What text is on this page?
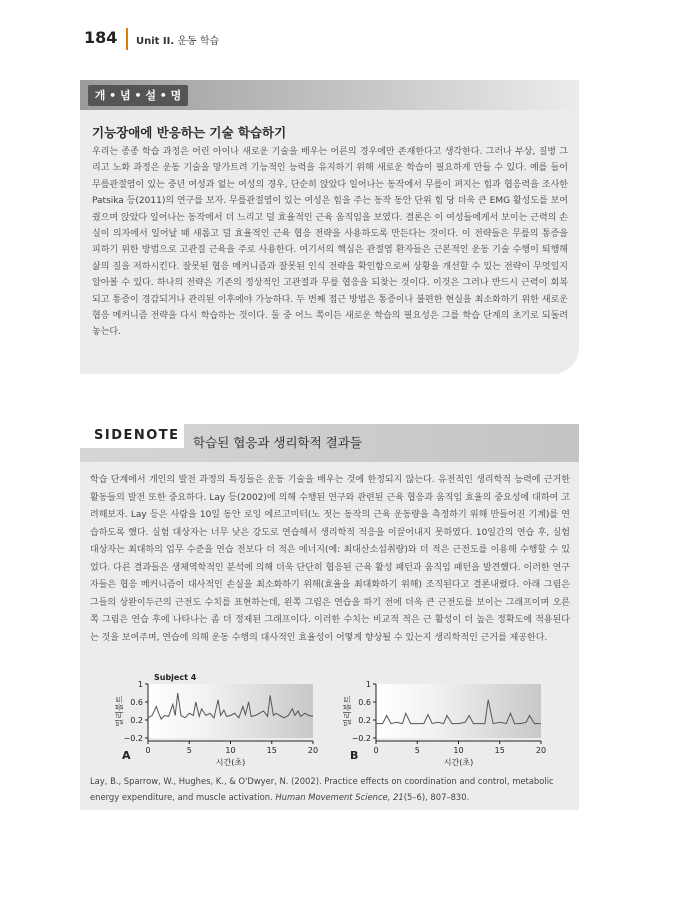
184 Unit II. 운동 학습
개 • 념 • 설 • 명
기능장애에 반응하는 기술 학습하기
우리는 종종 학습 과정은 어린 아이나 새로운 기술을 배우는 어른의 경우에만 존재한다고 생각한다. 그러나 부상, 질병 그리고 노화 과정은 운동 기술을 망가트려 기능적인 능력을 유지하기 위해 새로운 학습이 필요하게 만들 수 있다. 예를 들어 무릎관절염이 있는 중년 여성과 없는 여성의 경우, 단순히 앉았다 일어나는 동작에서 무릎이 펴지는 힘과 협응력을 조사한 Patsika 등(2011)의 연구를 보자. 무릎관절염이 있는 여성은 힘을 주는 동작 동안 단위 힘 당 더욱 큰 EMG 활성도를 보여줬으며 앉았다 일어나는 동작에서 더 느리고 덜 효율적인 근육 움직임을 보였다. 결론은 이 여성들에게서 보이는 근력의 손실이 의자에서 일어날 때 새롭고 덜 효율적인 근육 협응 전략을 사용하도록 만든다는 것이다. 이 전략들은 무릎의 통증을 피하기 위한 방법으로 고관절 근육을 주로 사용한다. 여기서의 핵심은 관절염 환자들은 근본적인 운동 기술 수행이 퇴행해 삶의 질을 저하시킨다. 잘못된 협응 메커니즘과 잘못된 인식 전략을 확인함으로써 상황을 개선할 수 있는 전략이 무엇일지 알아볼 수 있다. 하나의 전략은 기존의 정상적인 고관절과 무릎 협응을 되찾는 것이다. 이것은 그러나 반드시 근력이 회복되고 통증이 경감되거나 관리된 이후에야 가능하다. 두 번째 접근 방법은 통증이나 불편한 현실을 최소화하기 위한 새로운 협응 메커니즘 전략을 다시 학습하는 것이다. 둘 중 어느 쪽이든 새로운 학습의 필요성은 그를 학습 단계의 초기로 되돌려놓는다.
SIDENOTE	학습된 협응과 생리학적 결과들
학습 단계에서 개인의 발전 과정의 특징들은 운동 기술을 배우는 것에 한정되지 않는다. 유전적인 생리학적 능력에 근거한 활동들의 발전 또한 중요하다. Lay 등(2002)에 의해 수행된 연구와 관련된 근육 협응과 움직임 효율의 중요성에 대하여 고려해보자. Lay 등은 사람을 10일 동안 로잉 에르고미터(노 젓는 동작의 근육 운동량을 측정하기 위해 만들어진 기계)를 연습하도록 했다. 실험 대상자는 너무 낮은 강도로 연습해서 생리학적 적응을 이끌어내지 못하였다. 10일간의 연습 후, 실험 대상자는 최대하의 업무 수준을 연습 전보다 더 적은 에너지(예: 최대산소섭취량)와 더 적은 근전도를 이용해 수행할 수 있었다. 다른 결과들은 생체역학적인 분석에 의해 더욱 단단히 협응된 근육 활성 패턴과 움직임 패턴을 발견했다. 이러한 연구자들은 협응 메커니즘이 대사적인 손실을 최소화하기 위해(효율을 최대화하기 위해) 조직된다고 결론내렸다. 아래 그림은 그들의 상완이두근의 근전도 수치를 표현하는데, 왼쪽 그림은 연습을 하기 전에 더욱 큰 근전도를 보이는 그래프이며 오른쪽 그림은 연습 후에 나타나는 좀 더 정제된 그래프이다. 이러한 수치는 비교적 적은 근 활성이 더 높은 정확도에 적용된다는 것을 보여주며, 연습에 의해 운동 수행의 대사적인 효율성이 어떻게 향상될 수 있는지 생리학적인 근거를 제공한다.
−0.2
0.2
0.6
1
0	5	10	15	20
시간(초)
밀리볼트
A
Subject 4
−0.2
0.2
0.6
1
0	5	10	15	20
시간(초)
밀리볼트
B
Lay, B., Sparrow, W., Hughes, K., & O'Dwyer, N. (2002). Practice effects on coordination and control, metabolic energy expenditure, and muscle activation. Human Movement Science, 21(5–6), 807–830.
